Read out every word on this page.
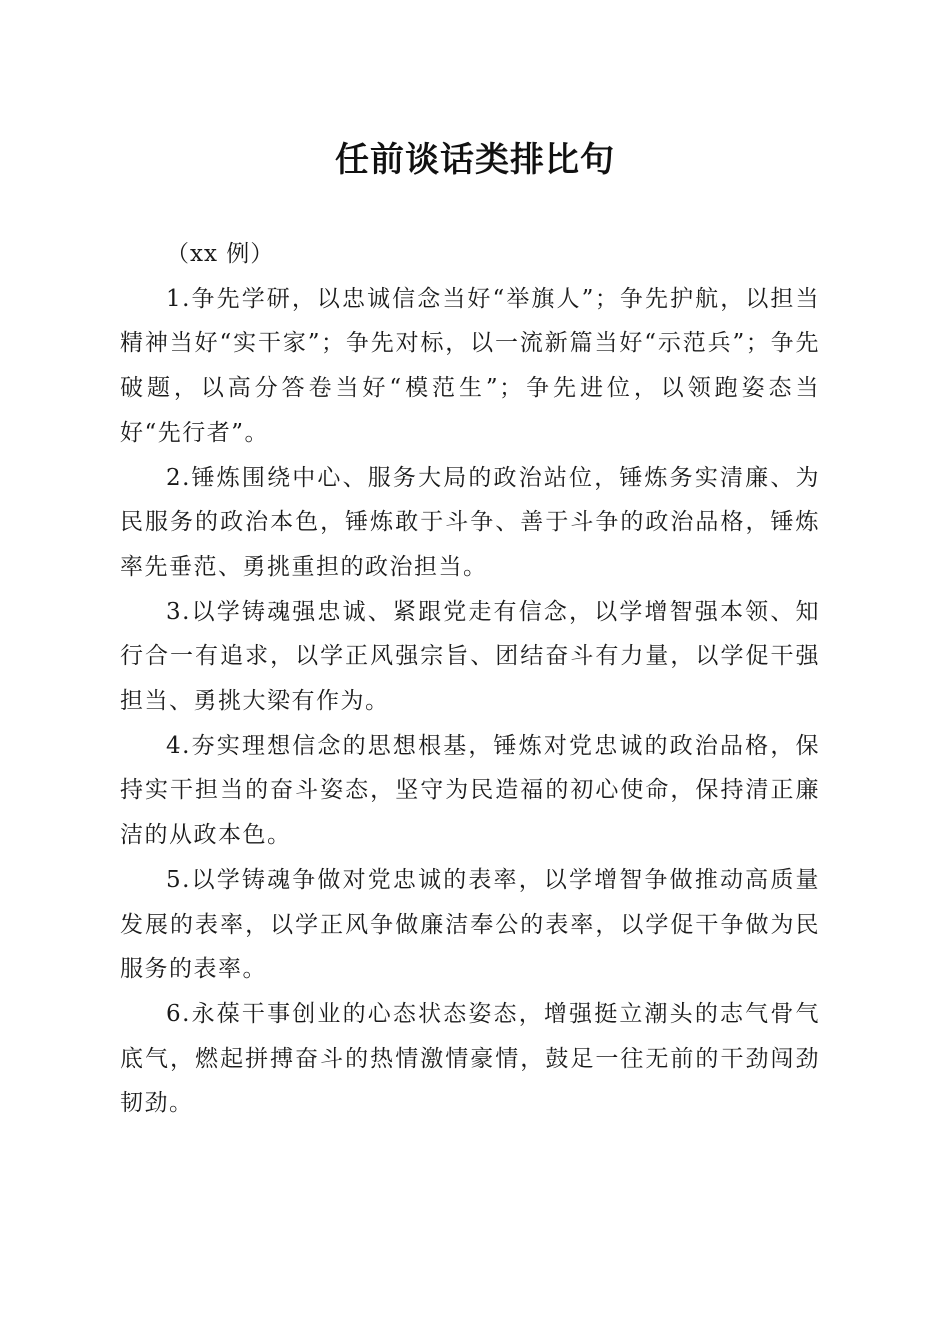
任前谈话类排比句

（xx 例）

1.争先学研，以忠诚信念当好“举旗人”；争先护航，以担当精神当好“实干家”；争先对标，以一流新篇当好“示范兵”；争先破题，以高分答卷当好“模范生”；争先进位，以领跑姿态当好“先行者”。

2.锤炼围绕中心、服务大局的政治站位，锤炼务实清廉、为民服务的政治本色，锤炼敢于斗争、善于斗争的政治品格，锤炼率先垂范、勇挑重担的政治担当。

3.以学铸魂强忠诚、紧跟党走有信念，以学增智强本领、知行合一有追求，以学正风强宗旨、团结奋斗有力量，以学促干强担当、勇挑大梁有作为。

4.夯实理想信念的思想根基，锤炼对党忠诚的政治品格，保持实干担当的奋斗姿态，坚守为民造福的初心使命，保持清正廉洁的从政本色。

5.以学铸魂争做对党忠诚的表率，以学增智争做推动高质量发展的表率，以学正风争做廉洁奉公的表率，以学促干争做为民服务的表率。

6.永葆干事创业的心态状态姿态，增强挺立潮头的志气骨气底气，燃起拼搏奋斗的热情激情豪情，鼓足一往无前的干劲闯劲韧劲。
